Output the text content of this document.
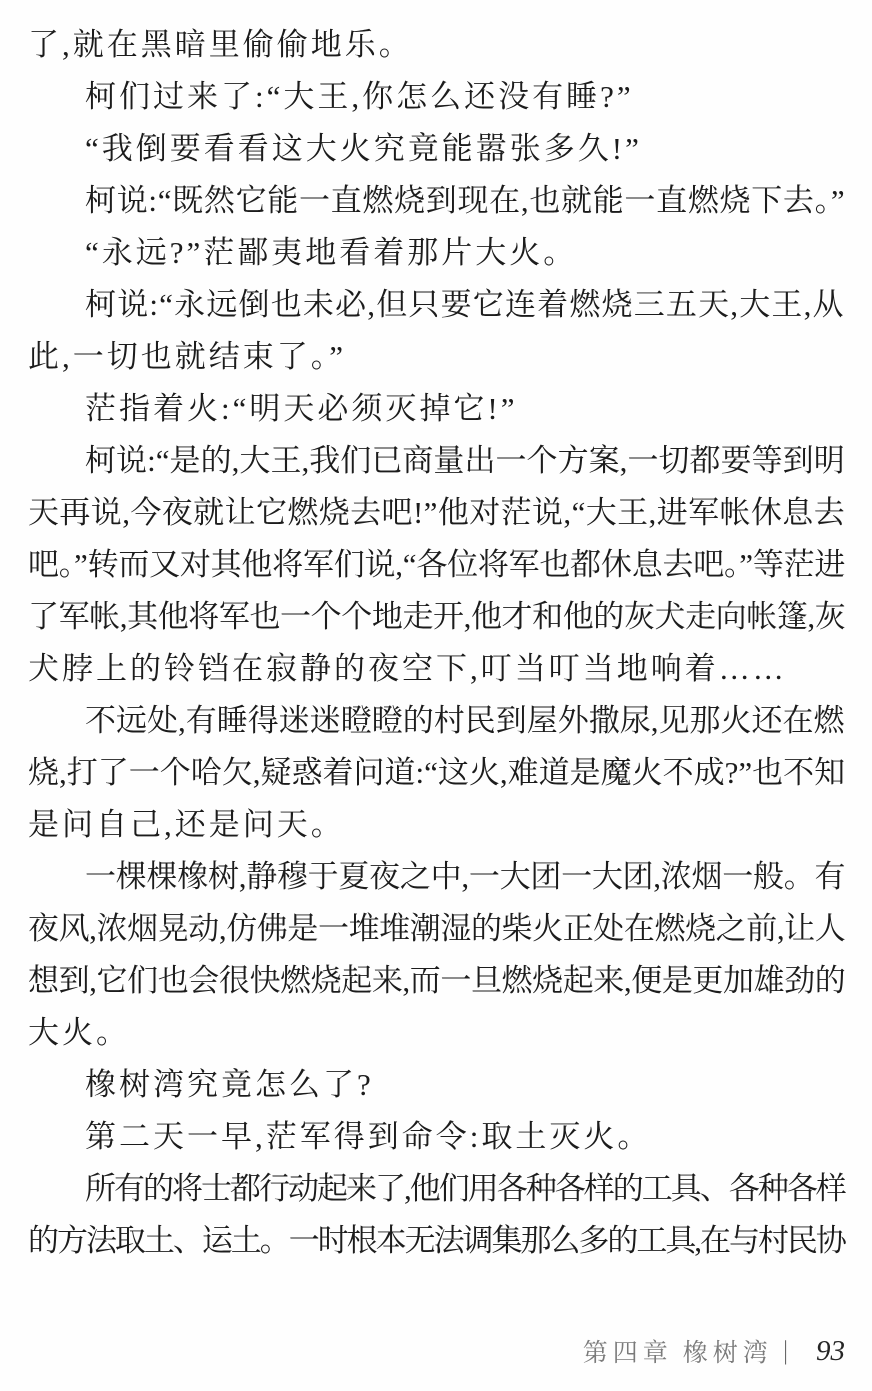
了,就在黑暗里偷偷地乐。
柯们过来了:“大王,你怎么还没有睡?”
“我倒要看看这大火究竟能嚣张多久!”
柯说:“既然它能一直燃烧到现在,也就能一直燃烧下去。”
“永远?”茫鄙夷地看着那片大火。
柯说:“永远倒也未必,但只要它连着燃烧三五天,大王,从
此,一切也就结束了。”
茫指着火:“明天必须灭掉它!”
柯说:“是的,大王,我们已商量出一个方案,一切都要等到明
天再说,今夜就让它燃烧去吧!”他对茫说,“大王,进军帐休息去
吧。”转而又对其他将军们说,“各位将军也都休息去吧。”等茫进
了军帐,其他将军也一个个地走开,他才和他的灰犬走向帐篷,灰
犬脖上的铃铛在寂静的夜空下,叮当叮当地响着……
不远处,有睡得迷迷瞪瞪的村民到屋外撒尿,见那火还在燃
烧,打了一个哈欠,疑惑着问道:“这火,难道是魔火不成?”也不知
是问自己,还是问天。
一棵棵橡树,静穆于夏夜之中,一大团一大团,浓烟一般。有
夜风,浓烟晃动,仿佛是一堆堆潮湿的柴火正处在燃烧之前,让人
想到,它们也会很快燃烧起来,而一旦燃烧起来,便是更加雄劲的
大火。
橡树湾究竟怎么了?
第二天一早,茫军得到命令:取土灭火。
所有的将士都行动起来了,他们用各种各样的工具、各种各样
的方法取土、运土。一时根本无法调集那么多的工具,在与村民协
第四章 橡树湾 | 93
